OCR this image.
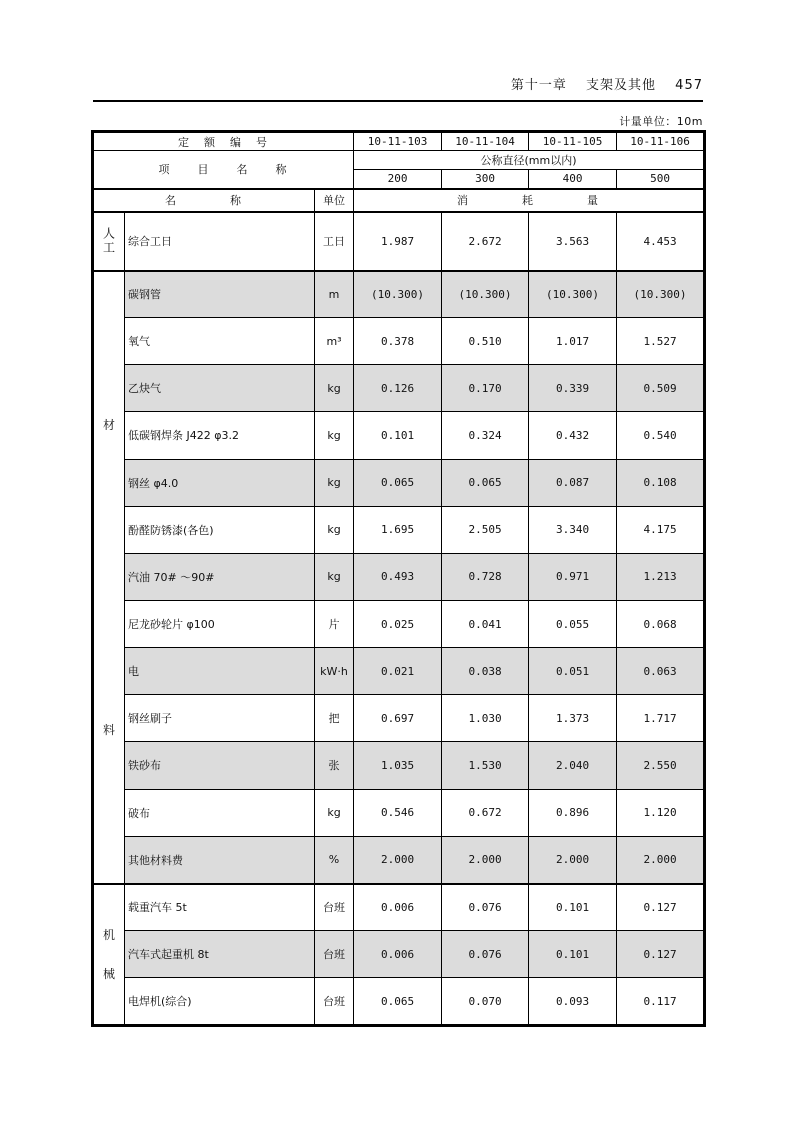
第十一章 支架及其他 457
计量单位：10m
定　额　编　号			10-11-103	10-11-104	10-11-105	10-11-106
项　　目　　名　　称			公称直径(mm以内)			
			200	300	400	500
名　　　　称		单位	消　　　　耗　　　　量			
人工	综合工日	工日	1.987	2.672	3.563	4.453

材
料	碳钢管	m	(10.300)	(10.300)	(10.300)	(10.300)
	氧气	m³	0.378	0.510	1.017	1.527
	乙炔气	kg	0.126	0.170	0.339	0.509
	低碳钢焊条 J422 φ3.2	kg	0.101	0.324	0.432	0.540
	钢丝 φ4.0	kg	0.065	0.065	0.087	0.108
	酚醛防锈漆(各色)	kg	1.695	2.505	3.340	4.175
	汽油 70# ～90#	kg	0.493	0.728	0.971	1.213
	尼龙砂轮片 φ100	片	0.025	0.041	0.055	0.068
	电	kW·h	0.021	0.038	0.051	0.063
	钢丝刷子	把	0.697	1.030	1.373	1.717
	铁砂布	张	1.035	1.530	2.040	2.550
	破布	kg	0.546	0.672	0.896	1.120
	其他材料费	%	2.000	2.000	2.000	2.000

机
械	载重汽车 5t	台班	0.006	0.076	0.101	0.127
	汽车式起重机 8t	台班	0.006	0.076	0.101	0.127
	电焊机(综合)	台班	0.065	0.070	0.093	0.117
